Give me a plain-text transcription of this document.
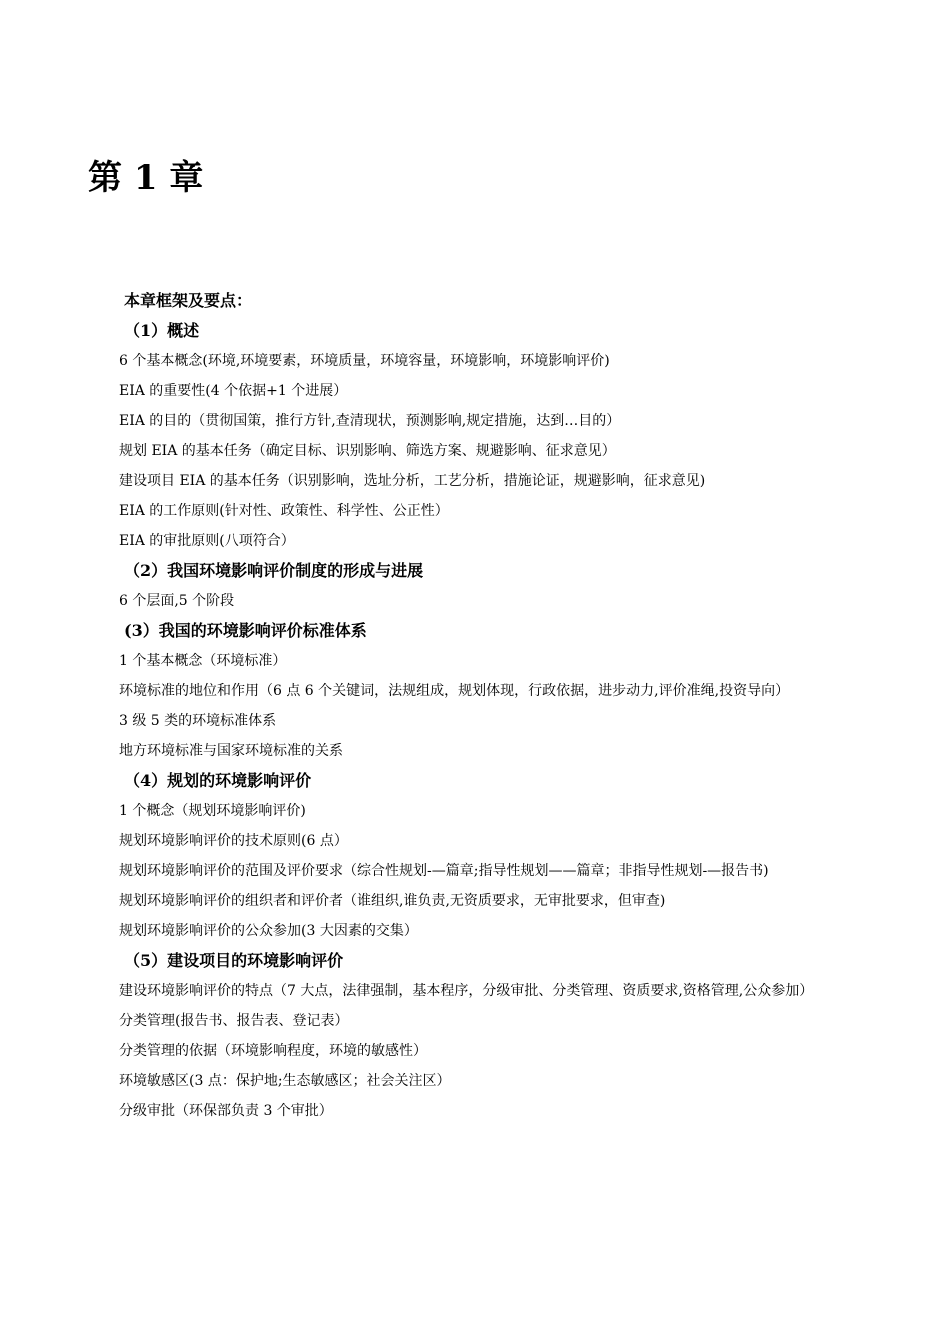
第 1 章

本章框架及要点：

（1）概述

6 个基本概念(环境,环境要素，环境质量，环境容量，环境影响，环境影响评价)

EIA 的重要性(4 个依据+1 个进展）

EIA 的目的（贯彻国策，推行方针,查清现状，预测影响,规定措施，达到…目的）

规划 EIA 的基本任务（确定目标、识别影响、筛选方案、规避影响、征求意见）

建设项目 EIA 的基本任务（识别影响，选址分析，工艺分析，措施论证，规避影响，征求意见)

EIA 的工作原则(针对性、政策性、科学性、公正性）

EIA 的审批原则(八项符合）

（2）我国环境影响评价制度的形成与进展

6 个层面,5 个阶段

(3）我国的环境影响评价标准体系

1 个基本概念（环境标准）

环境标准的地位和作用（6 点 6 个关键词，法规组成，规划体现，行政依据，进步动力,评价准绳,投资导向）

3 级 5 类的环境标准体系

地方环境标准与国家环境标准的关系

（4）规划的环境影响评价

1 个概念（规划环境影响评价)

规划环境影响评价的技术原则(6 点）

规划环境影响评价的范围及评价要求（综合性规划-—篇章;指导性规划——篇章；非指导性规划-—报告书)

规划环境影响评价的组织者和评价者（谁组织,谁负责,无资质要求，无审批要求，但审查)

规划环境影响评价的公众参加(3 大因素的交集）

（5）建设项目的环境影响评价

建设环境影响评价的特点（7 大点，法律强制，基本程序，分级审批、分类管理、资质要求,资格管理,公众参加）

分类管理(报告书、报告表、登记表）

分类管理的依据（环境影响程度，环境的敏感性）

环境敏感区(3 点：保护地;生态敏感区；社会关注区）

分级审批（环保部负责 3 个审批）
